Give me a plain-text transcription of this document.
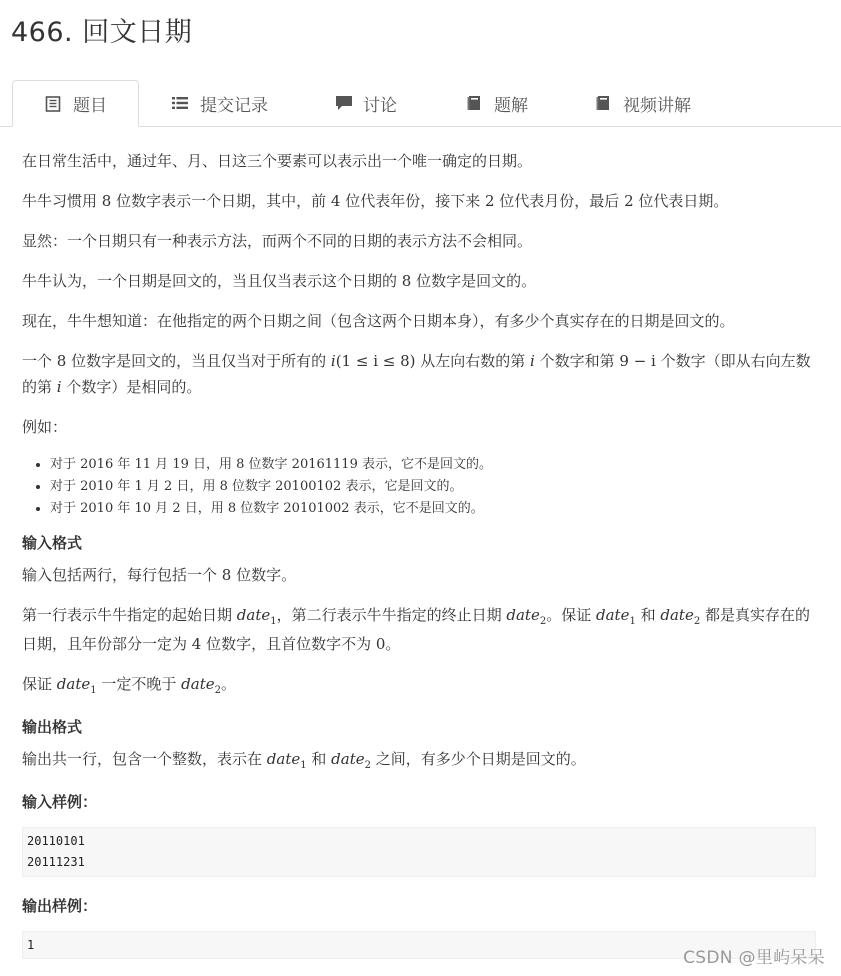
466. 回文日期
题目	提交记录	讨论	题解	视频讲解

在日常生活中，通过年、月、日这三个要素可以表示出一个唯一确定的日期。

牛牛习惯用 8 位数字表示一个日期，其中，前 4 位代表年份，接下来 2 位代表月份，最后 2 位代表日期。

显然：一个日期只有一种表示方法，而两个不同的日期的表示方法不会相同。

牛牛认为，一个日期是回文的，当且仅当表示这个日期的 8 位数字是回文的。

现在，牛牛想知道：在他指定的两个日期之间（包含这两个日期本身），有多少个真实存在的日期是回文的。

一个 8 位数字是回文的，当且仅当对于所有的 i(1 ≤ i ≤ 8) 从左向右数的第 i 个数字和第 9 − i 个数字（即从右向左数的第 i 个数字）是相同的。

例如：

• 对于 2016 年 11 月 19 日，用 8 位数字 20161119 表示，它不是回文的。
• 对于 2010 年 1 月 2 日，用 8 位数字 20100102 表示，它是回文的。
• 对于 2010 年 10 月 2 日，用 8 位数字 20101002 表示，它不是回文的。
输入格式

输入包括两行，每行包括一个 8 位数字。

第一行表示牛牛指定的起始日期 date$_1$，第二行表示牛牛指定的终止日期 date$_2$。保证 date$_1$ 和 date$_2$ 都是真实存在的日期，且年份部分一定为 4 位数字，且首位数字不为 0。

保证 date$_1$ 一定不晚于 date$_2$。

输出格式

输出共一行，包含一个整数，表示在 date$_1$ 和 date$_2$ 之间，有多少个日期是回文的。

输入样例：
20110101
20111231
输出样例：
1
CSDN @里屿呆呆
